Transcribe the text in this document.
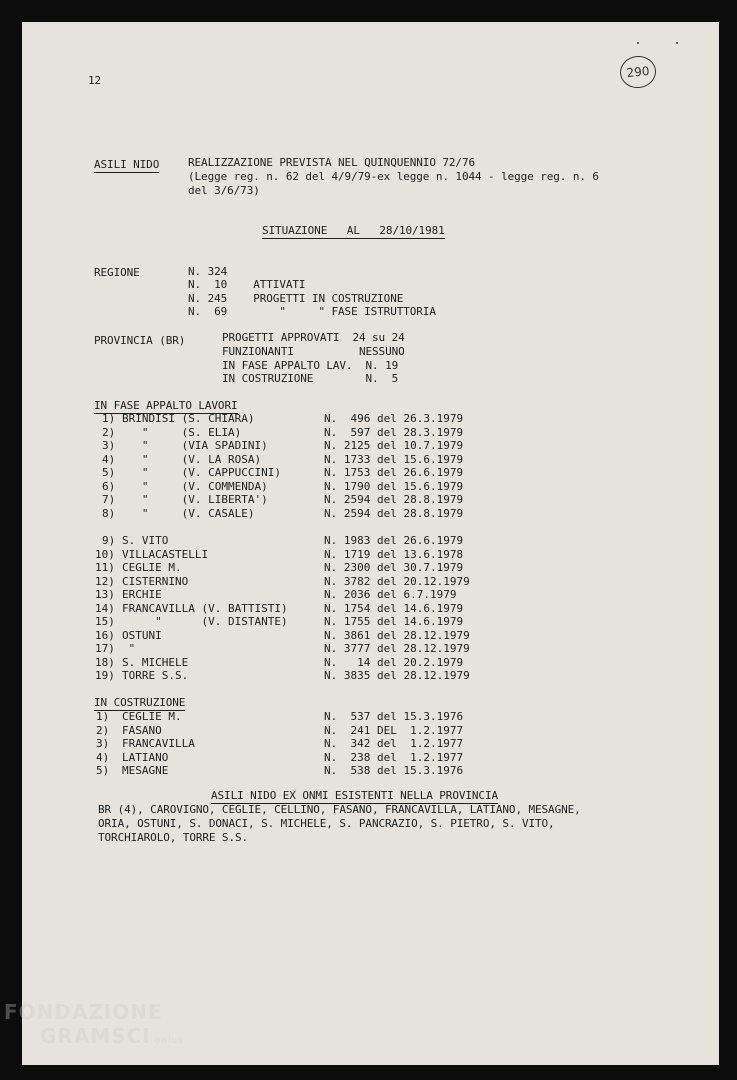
12
290
ASILI NIDO	REALIZZAZIONE PREVISTA NEL QUINQUENNIO 72/76
(Legge reg. n. 62 del 4/9/79-ex legge n. 1044 - legge reg. n. 6
del 3/6/73)
SITUAZIONE   AL   28/10/1981
REGIONE	N. 324
N.  10    ATTIVATI
N. 245    PROGETTI IN COSTRUZIONE
N.  69        "     " FASE ISTRUTTORIA
PROVINCIA (BR)	PROGETTI APPROVATI  24 su 24
FUNZIONANTI          NESSUNO
IN FASE APPALTO LAV.  N. 19
IN COSTRUZIONE        N.  5
IN FASE APPALTO LAVORI
1) BRINDISI (S. CHIARA)	N.  496 del 26.3.1979
2) "     (S. ELIA)	N.  597 del 28.3.1979
3) "     (VIA SPADINI)	N. 2125 del 10.7.1979
4) "     (V. LA ROSA)	N. 1733 del 15.6.1979
5) "     (V. CAPPUCCINI)	N. 1753 del 26.6.1979
6) "     (V. COMMENDA)	N. 1790 del 15.6.1979
7) "     (V. LIBERTA')	N. 2594 del 28.8.1979
8) "     (V. CASALE)	N. 2594 del 28.8.1979
9) S. VITO	N. 1983 del 26.6.1979
10) VILLACASTELLI	N. 1719 del 13.6.1978
11) CEGLIE M.	N. 2300 del 30.7.1979
12) CISTERNINO	N. 3782 del 20.12.1979
13) ERCHIE	N. 2036 del 6.7.1979
14) FRANCAVILLA (V. BATTISTI)	N. 1754 del 14.6.1979
15) "      (V. DISTANTE)	N. 1755 del 14.6.1979
16) OSTUNI	N. 3861 del 28.12.1979
17) "	N. 3777 del 28.12.1979
18) S. MICHELE	N.   14 del 20.2.1979
19) TORRE S.S.	N. 3835 del 28.12.1979
IN COSTRUZIONE
1) CEGLIE M.	N.  537 del 15.3.1976
2) FASANO	N.  241 DEL  1.2.1977
3) FRANCAVILLA	N.  342 del  1.2.1977
4) LATIANO	N.  238 del  1.2.1977
5) MESAGNE	N.  538 del 15.3.1976
ASILI NIDO EX ONMI ESISTENTI NELLA PROVINCIA
BR (4), CAROVIGNO, CEGLIE, CELLINO, FASANO, FRANCAVILLA, LATIANO, MESAGNE,
ORIA, OSTUNI, S. DONACI, S. MICHELE, S. PANCRAZIO, S. PIETRO, S. VITO,
TORCHIAROLO, TORRE S.S.
FONDAZIONE
GRAMSCI onlus
